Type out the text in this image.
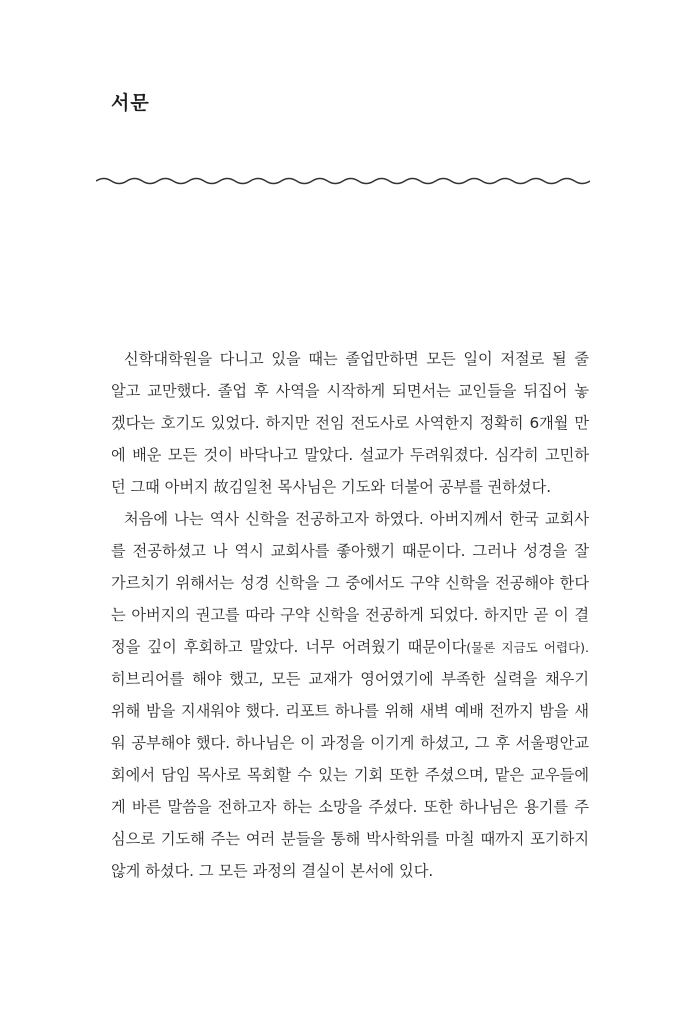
서문
신학대학원을 다니고 있을 때는 졸업만하면 모든 일이 저절로 될 줄
알고 교만했다. 졸업 후 사역을 시작하게 되면서는 교인들을 뒤집어 놓
겠다는 호기도 있었다. 하지만 전임 전도사로 사역한지 정확히 6개월 만
에 배운 모든 것이 바닥나고 말았다. 설교가 두려워졌다. 심각히 고민하
던 그때 아버지 故김일천 목사님은 기도와 더불어 공부를 권하셨다.
처음에 나는 역사 신학을 전공하고자 하였다. 아버지께서 한국 교회사
를 전공하셨고 나 역시 교회사를 좋아했기 때문이다. 그러나 성경을 잘
가르치기 위해서는 성경 신학을 그 중에서도 구약 신학을 전공해야 한다
는 아버지의 권고를 따라 구약 신학을 전공하게 되었다. 하지만 곧 이 결
정을 깊이 후회하고 말았다. 너무 어려웠기 때문이다(물론 지금도 어렵다).
히브리어를 해야 했고, 모든 교재가 영어였기에 부족한 실력을 채우기
위해 밤을 지새워야 했다. 리포트 하나를 위해 새벽 예배 전까지 밤을 새
워 공부해야 했다. 하나님은 이 과정을 이기게 하셨고, 그 후 서울평안교
회에서 담임 목사로 목회할 수 있는 기회 또한 주셨으며, 맡은 교우들에
게 바른 말씀을 전하고자 하는 소망을 주셨다. 또한 하나님은 용기를 주
심으로 기도해 주는 여러 분들을 통해 박사학위를 마칠 때까지 포기하지
않게 하셨다. 그 모든 과정의 결실이 본서에 있다.
